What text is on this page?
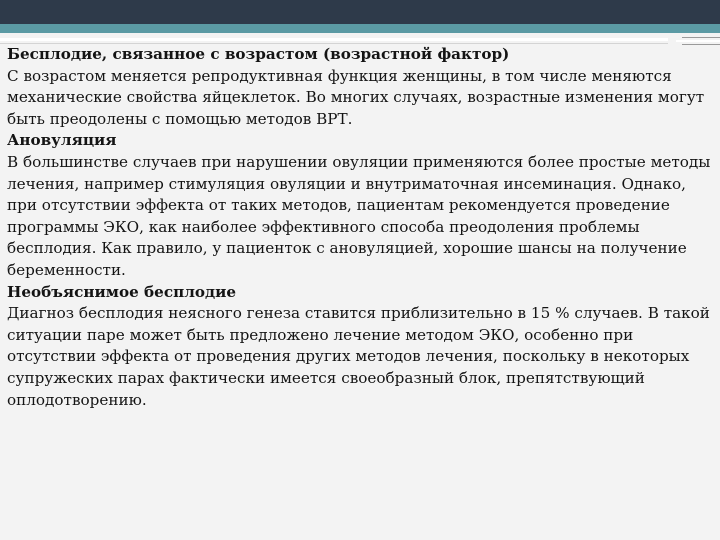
Бесплодие, связанное с возрастом (возрастной фактор)

С возрастом меняется репродуктивная функция женщины, в том числе меняются механические свойства яйцеклеток. Во многих случаях, возрастные изменения могут быть преодолены с помощью методов ВРТ.

Ановуляция

В большинстве случаев при нарушении овуляции применяются более простые методы лечения, например стимуляция овуляции и внутриматочная инсеминация. Однако, при отсутствии эффекта от таких методов, пациентам рекомендуется проведение программы ЭКО, как наиболее эффективного способа преодоления проблемы бесплодия. Как правило, у пациенток с ановуляцией, хорошие шансы на получение беременности.

Необъяснимое бесплодие

Диагноз бесплодия неясного генеза ставится приблизительно в 15 % случаев. В такой ситуации паре может быть предложено лечение методом ЭКО, особенно при отсутствии эффекта от проведения других методов лечения, поскольку в некоторых супружеских парах фактически имеется своеобразный блок, препятствующий оплодотворению.
